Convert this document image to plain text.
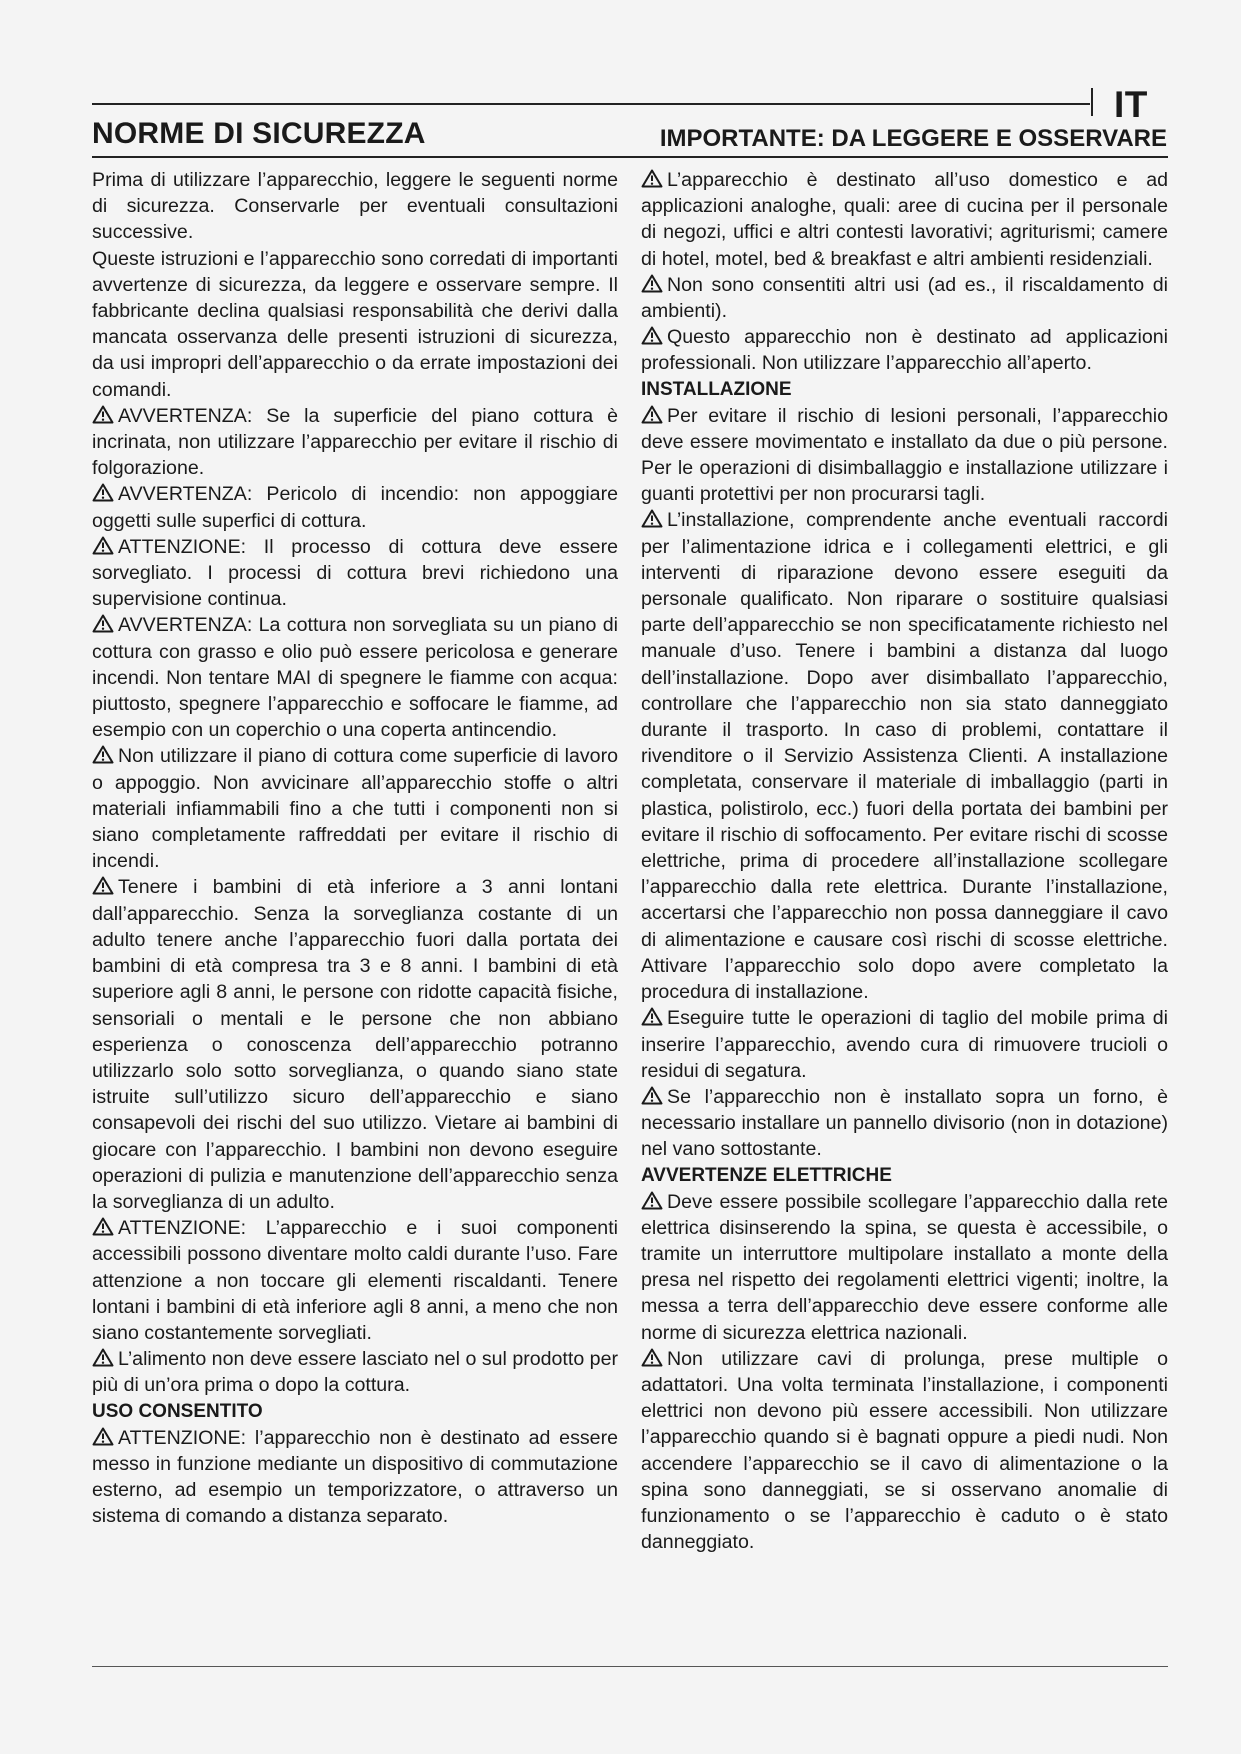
IT
NORME DI SICUREZZA	IMPORTANTE: DA LEGGERE E OSSERVARE

Prima di utilizzare l’apparecchio, leggere le seguenti norme di sicurezza. Conservarle per eventuali consultazioni successive.

Queste istruzioni e l’apparecchio sono corredati di importanti avvertenze di sicurezza, da leggere e osservare sempre. Il fabbricante declina qualsiasi responsabilità che derivi dalla mancata osservanza delle presenti istruzioni di sicurezza, da usi impropri dell’apparecchio o da errate impostazioni dei comandi.

AVVERTENZA: Se la superficie del piano cottura è incrinata, non utilizzare l’apparecchio per evitare il rischio di folgorazione.

AVVERTENZA: Pericolo di incendio: non appoggiare oggetti sulle superfici di cottura.

ATTENZIONE: Il processo di cottura deve essere sorvegliato. I processi di cottura brevi richiedono una supervisione continua.

AVVERTENZA: La cottura non sorvegliata su un piano di cottura con grasso e olio può essere pericolosa e generare incendi. Non tentare MAI di spegnere le fiamme con acqua: piuttosto, spegnere l’apparecchio e soffocare le fiamme, ad esempio con un coperchio o una coperta antincendio.

Non utilizzare il piano di cottura come superficie di lavoro o appoggio. Non avvicinare all’apparecchio stoffe o altri materiali infiammabili fino a che tutti i componenti non si siano completamente raffreddati per evitare il rischio di incendi.

Tenere i bambini di età inferiore a 3 anni lontani dall’apparecchio. Senza la sorveglianza costante di un adulto tenere anche l’apparecchio fuori dalla portata dei bambini di età compresa tra 3 e 8 anni. I bambini di età superiore agli 8 anni, le persone con ridotte capacità fisiche, sensoriali o mentali e le persone che non abbiano esperienza o conoscenza dell’apparecchio potranno utilizzarlo solo sotto sorveglianza, o quando siano state istruite sull’utilizzo sicuro dell’apparecchio e siano consapevoli dei rischi del suo utilizzo. Vietare ai bambini di giocare con l’apparecchio. I bambini non devono eseguire operazioni di pulizia e manutenzione dell’apparecchio senza la sorveglianza di un adulto.

ATTENZIONE: L’apparecchio e i suoi componenti accessibili possono diventare molto caldi durante l’uso. Fare attenzione a non toccare gli elementi riscaldanti. Tenere lontani i bambini di età inferiore agli 8 anni, a meno che non siano costantemente sorvegliati.

L’alimento non deve essere lasciato nel o sul prodotto per più di un’ora prima o dopo la cottura.

USO CONSENTITO

ATTENZIONE: l’apparecchio non è destinato ad essere messo in funzione mediante un dispositivo di commutazione esterno, ad esempio un temporizzatore, o attraverso un sistema di comando a distanza separato.

L’apparecchio è destinato all’uso domestico e ad applicazioni analoghe, quali: aree di cucina per il personale di negozi, uffici e altri contesti lavorativi; agriturismi; camere di hotel, motel, bed & breakfast e altri ambienti residenziali.

Non sono consentiti altri usi (ad es., il riscaldamento di ambienti).

Questo apparecchio non è destinato ad applicazioni professionali. Non utilizzare l’apparecchio all’aperto.

INSTALLAZIONE

Per evitare il rischio di lesioni personali, l’apparecchio deve essere movimentato e installato da due o più persone. Per le operazioni di disimballaggio e installazione utilizzare i guanti protettivi per non procurarsi tagli.

L’installazione, comprendente anche eventuali raccordi per l’alimentazione idrica e i collegamenti elettrici, e gli interventi di riparazione devono essere eseguiti da personale qualificato. Non riparare o sostituire qualsiasi parte dell’apparecchio se non specificatamente richiesto nel manuale d’uso. Tenere i bambini a distanza dal luogo dell’installazione. Dopo aver disimballato l’apparecchio, controllare che l’apparecchio non sia stato danneggiato durante il trasporto. In caso di problemi, contattare il rivenditore o il Servizio Assistenza Clienti. A installazione completata, conservare il materiale di imballaggio (parti in plastica, polistirolo, ecc.) fuori della portata dei bambini per evitare il rischio di soffocamento. Per evitare rischi di scosse elettriche, prima di procedere all’installazione scollegare l’apparecchio dalla rete elettrica. Durante l’installazione, accertarsi che l’apparecchio non possa danneggiare il cavo di alimentazione e causare così rischi di scosse elettriche. Attivare l’apparecchio solo dopo avere completato la procedura di installazione.

Eseguire tutte le operazioni di taglio del mobile prima di inserire l’apparecchio, avendo cura di rimuovere trucioli o residui di segatura.

Se l’apparecchio non è installato sopra un forno, è necessario installare un pannello divisorio (non in dotazione) nel vano sottostante.

AVVERTENZE ELETTRICHE

Deve essere possibile scollegare l’apparecchio dalla rete elettrica disinserendo la spina, se questa è accessibile, o tramite un interruttore multipolare installato a monte della presa nel rispetto dei regolamenti elettrici vigenti; inoltre, la messa a terra dell’apparecchio deve essere conforme alle norme di sicurezza elettrica nazionali.

Non utilizzare cavi di prolunga, prese multiple o adattatori. Una volta terminata l’installazione, i componenti elettrici non devono più essere accessibili. Non utilizzare l’apparecchio quando si è bagnati oppure a piedi nudi. Non accendere l’apparecchio se il cavo di alimentazione o la spina sono danneggiati, se si osservano anomalie di funzionamento o se l’apparecchio è caduto o è stato danneggiato.
